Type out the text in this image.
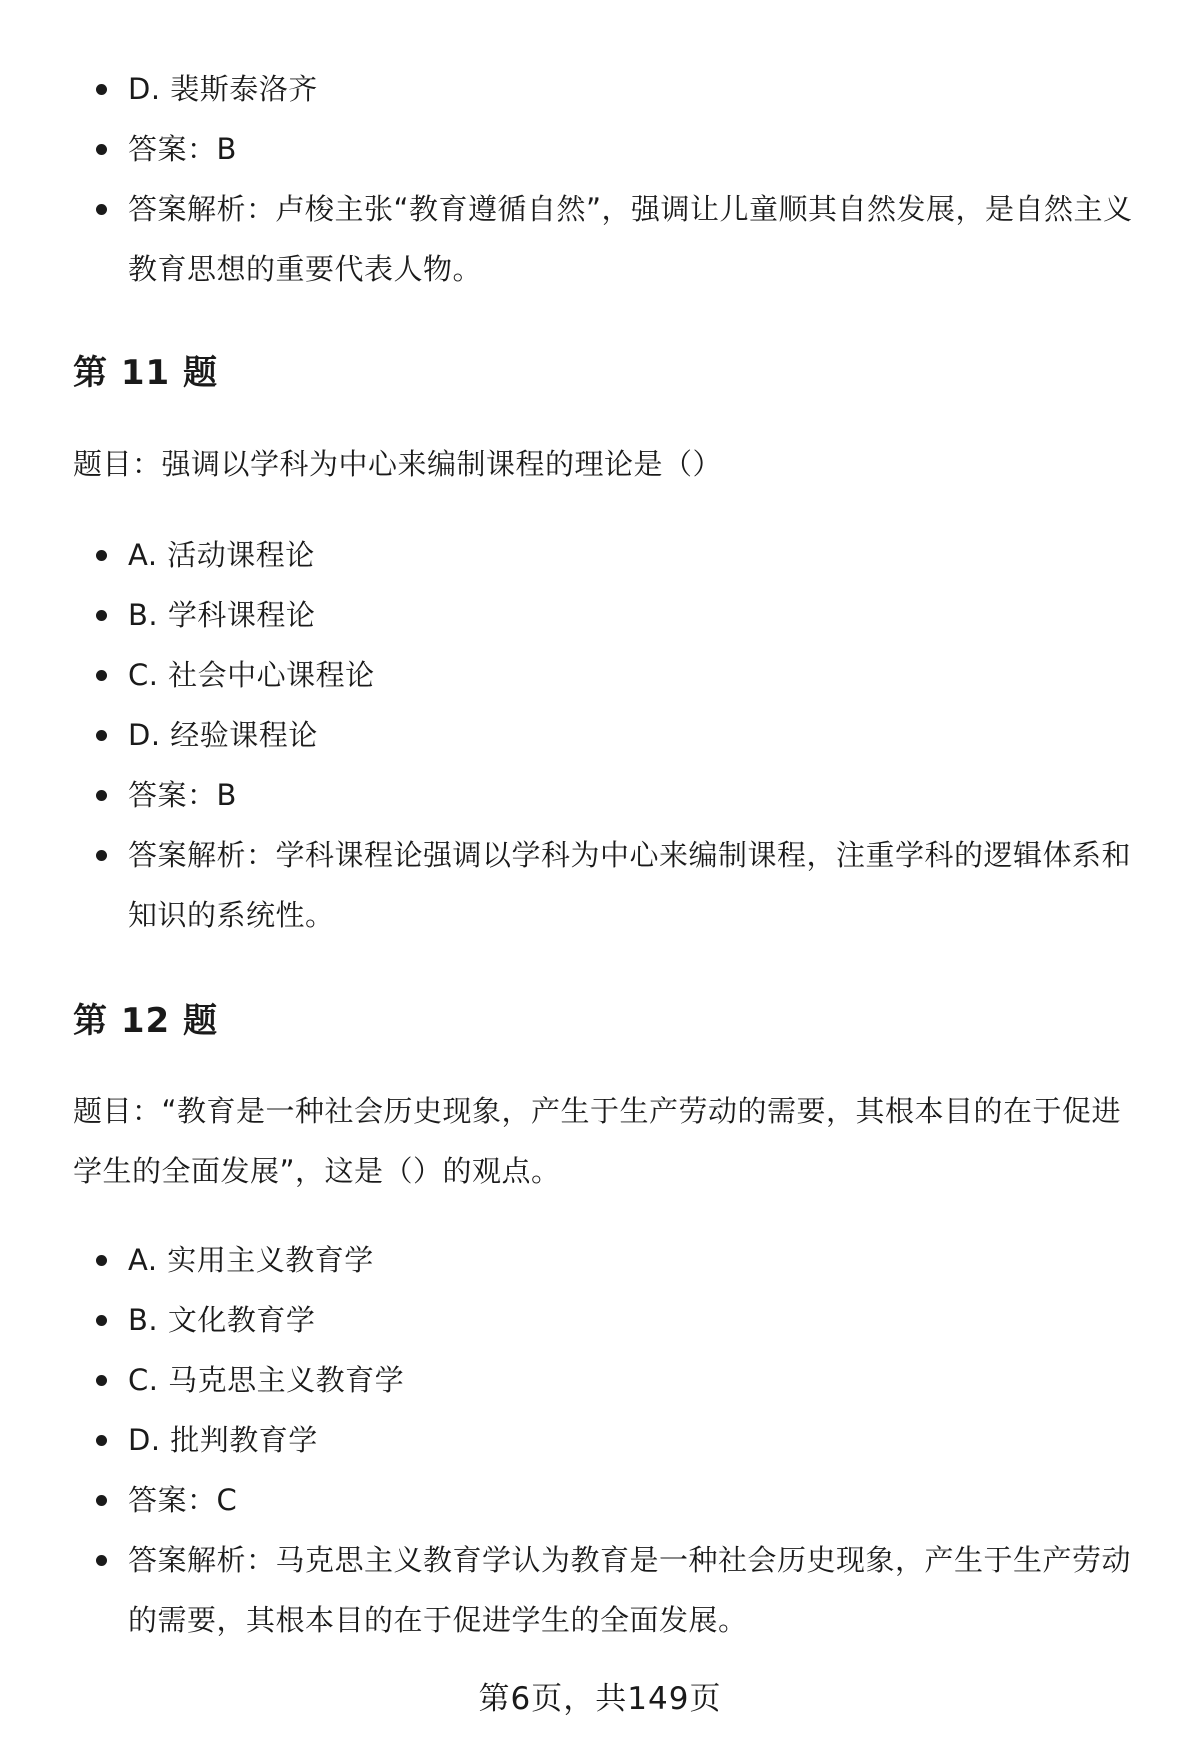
D. 裴斯泰洛齐
答案：B
答案解析：卢梭主张“教育遵循自然”，强调让儿童顺其自然发展，是自然主义教育思想的重要代表人物。
第 11 题

题目：强调以学科为中心来编制课程的理论是（）

A. 活动课程论
B. 学科课程论
C. 社会中心课程论
D. 经验课程论
答案：B
答案解析：学科课程论强调以学科为中心来编制课程，注重学科的逻辑体系和知识的系统性。
第 12 题

题目：“教育是一种社会历史现象，产生于生产劳动的需要，其根本目的在于促进学生的全面发展”，这是（）的观点。

A. 实用主义教育学
B. 文化教育学
C. 马克思主义教育学
D. 批判教育学
答案：C
答案解析：马克思主义教育学认为教育是一种社会历史现象，产生于生产劳动的需要，其根本目的在于促进学生的全面发展。
第6页，共149页
